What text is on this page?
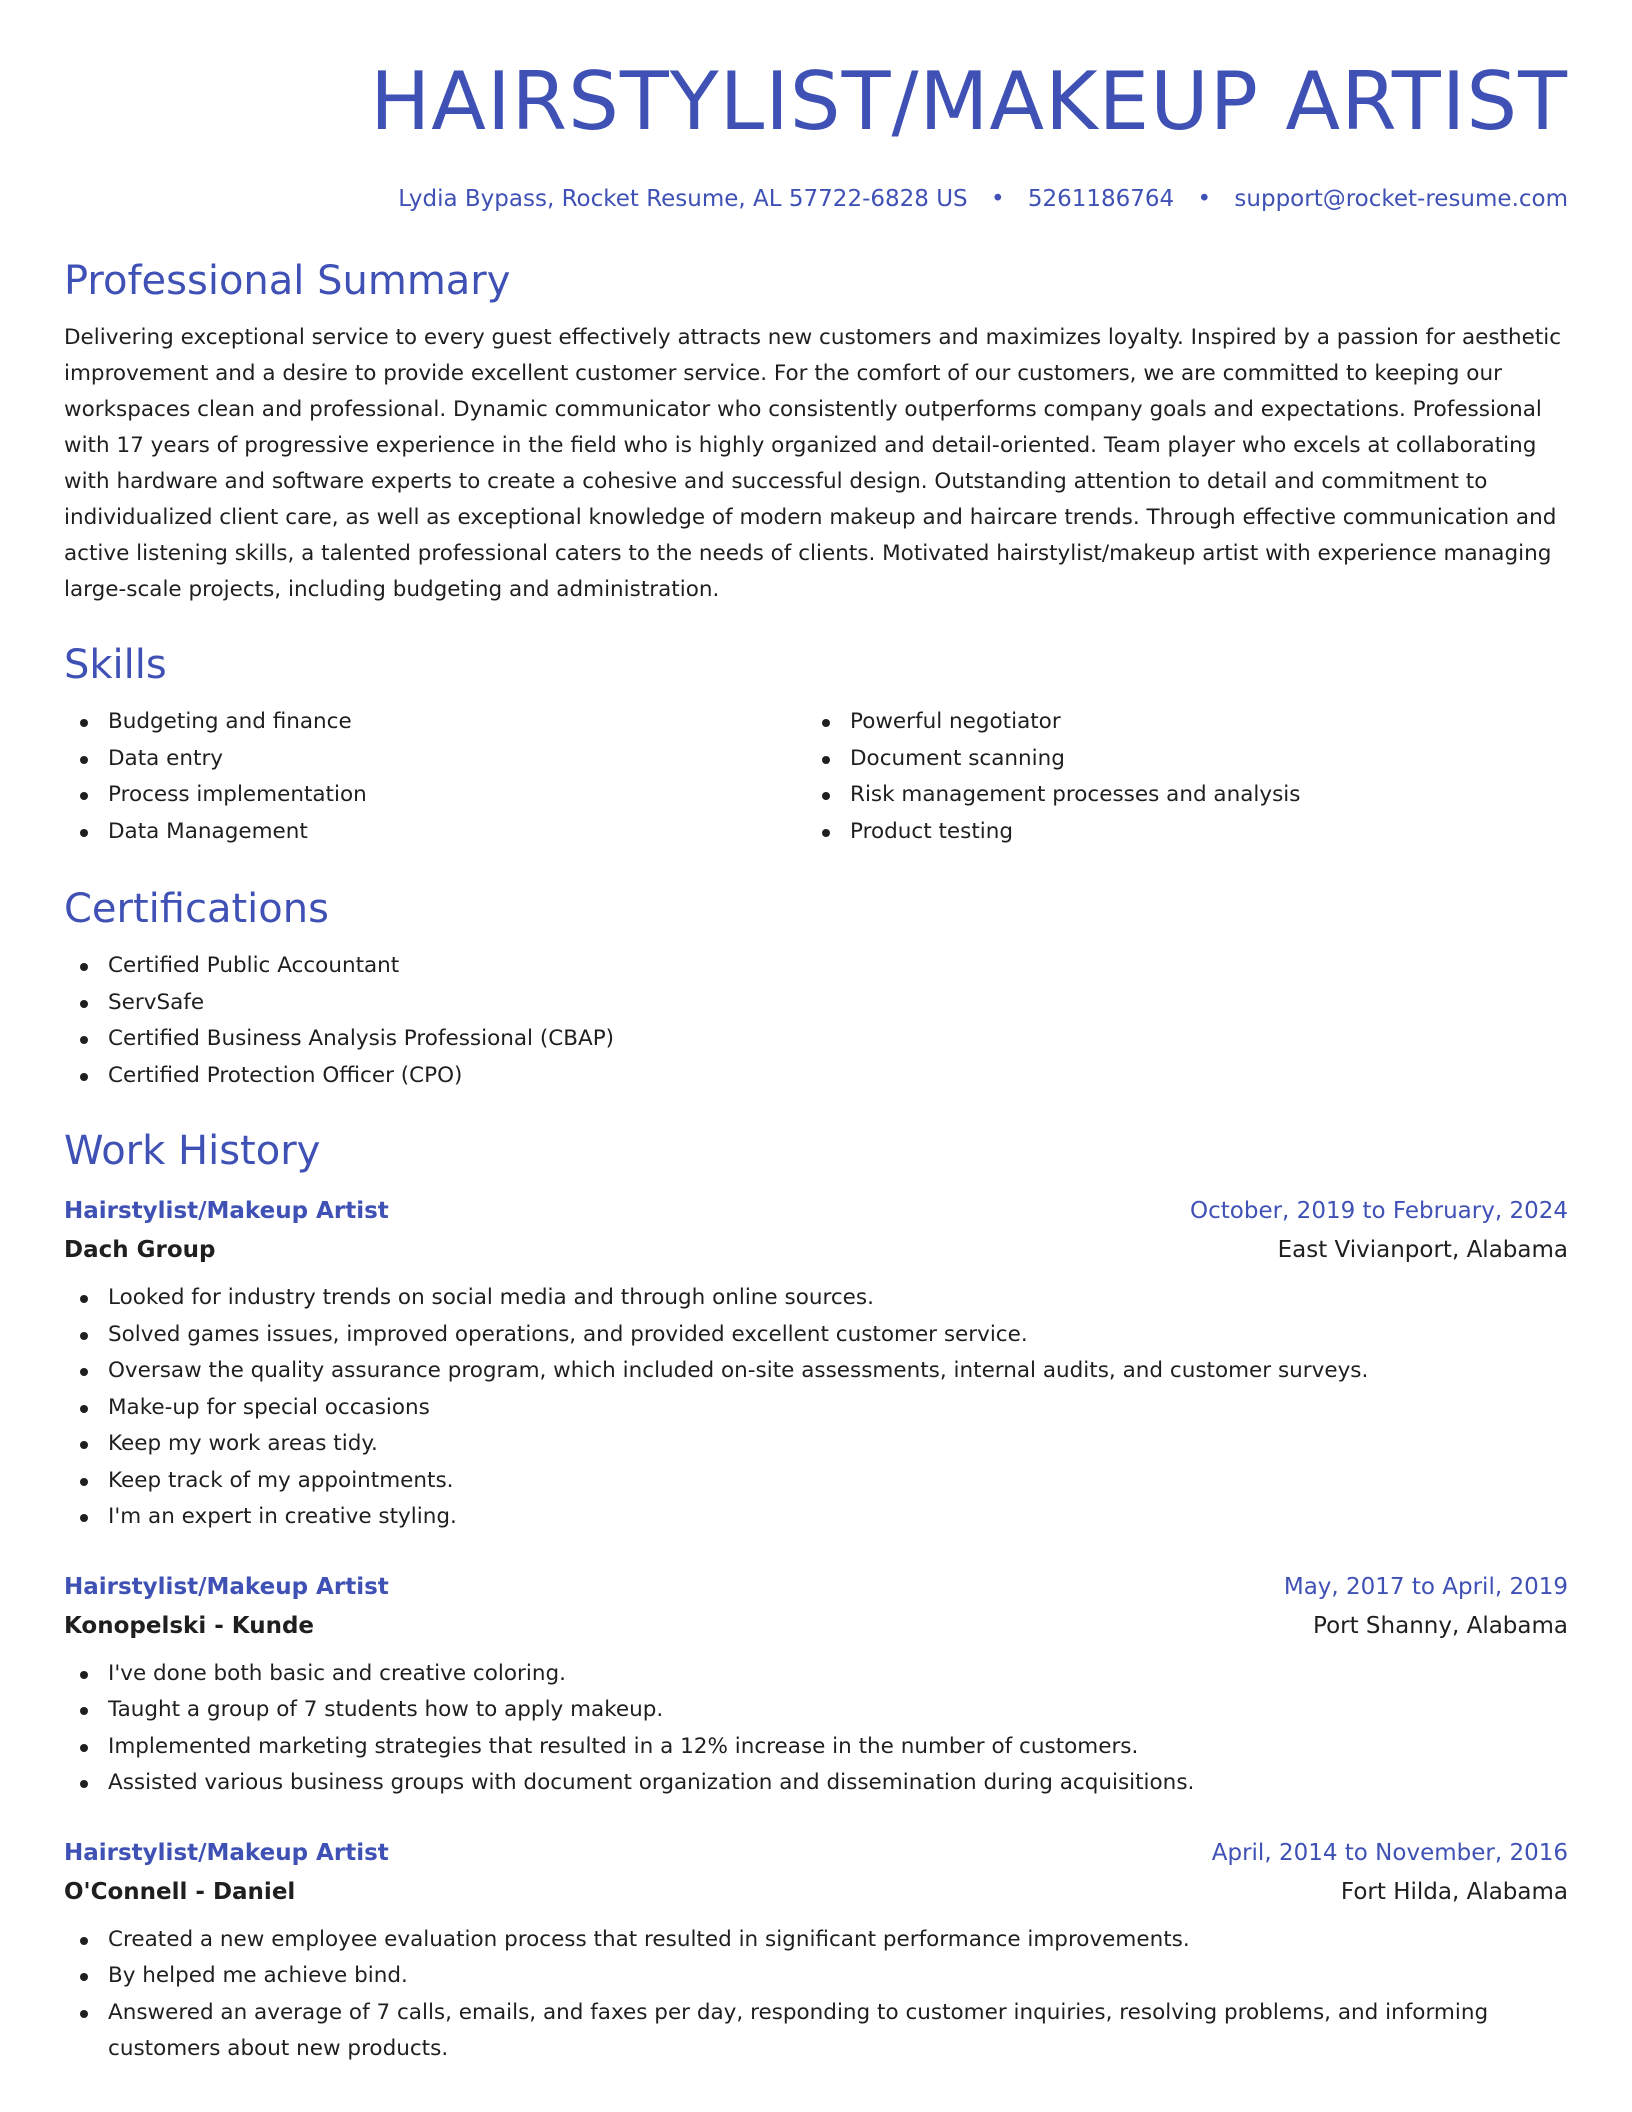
HAIRSTYLIST/MAKEUP ARTIST
Lydia Bypass, Rocket Resume, AL 57722-6828 US • 5261186764 • support@rocket-resume.com
Professional Summary

Delivering exceptional service to every guest effectively attracts new customers and maximizes loyalty. Inspired by a passion for aesthetic improvement and a desire to provide excellent customer service. For the comfort of our customers, we are committed to keeping our workspaces clean and professional. Dynamic communicator who consistently outperforms company goals and expectations. Professional with 17 years of progressive experience in the field who is highly organized and detail-oriented. Team player who excels at collaborating with hardware and software experts to create a cohesive and successful design. Outstanding attention to detail and commitment to individualized client care, as well as exceptional knowledge of modern makeup and haircare trends. Through effective communication and active listening skills, a talented professional caters to the needs of clients. Motivated hairstylist/makeup artist with experience managing large-scale projects, including budgeting and administration.

Skills
Budgeting and finance
Data entry
Process implementation
Data Management
Powerful negotiator
Document scanning
Risk management processes and analysis
Product testing
Certifications
Certified Public Accountant
ServSafe
Certified Business Analysis Professional (CBAP)
Certified Protection Officer (CPO)
Work History
Hairstylist/Makeup Artist	October, 2019 to February, 2024
Dach Group	East Vivianport, Alabama
Looked for industry trends on social media and through online sources.
Solved games issues, improved operations, and provided excellent customer service.
Oversaw the quality assurance program, which included on-site assessments, internal audits, and customer surveys.
Make-up for special occasions
Keep my work areas tidy.
Keep track of my appointments.
I'm an expert in creative styling.
Hairstylist/Makeup Artist	May, 2017 to April, 2019
Konopelski - Kunde	Port Shanny, Alabama
I've done both basic and creative coloring.
Taught a group of 7 students how to apply makeup.
Implemented marketing strategies that resulted in a 12% increase in the number of customers.
Assisted various business groups with document organization and dissemination during acquisitions.
Hairstylist/Makeup Artist	April, 2014 to November, 2016
O'Connell - Daniel	Fort Hilda, Alabama
Created a new employee evaluation process that resulted in significant performance improvements.
By helped me achieve bind.
Answered an average of 7 calls, emails, and faxes per day, responding to customer inquiries, resolving problems, and informing customers about new products.
